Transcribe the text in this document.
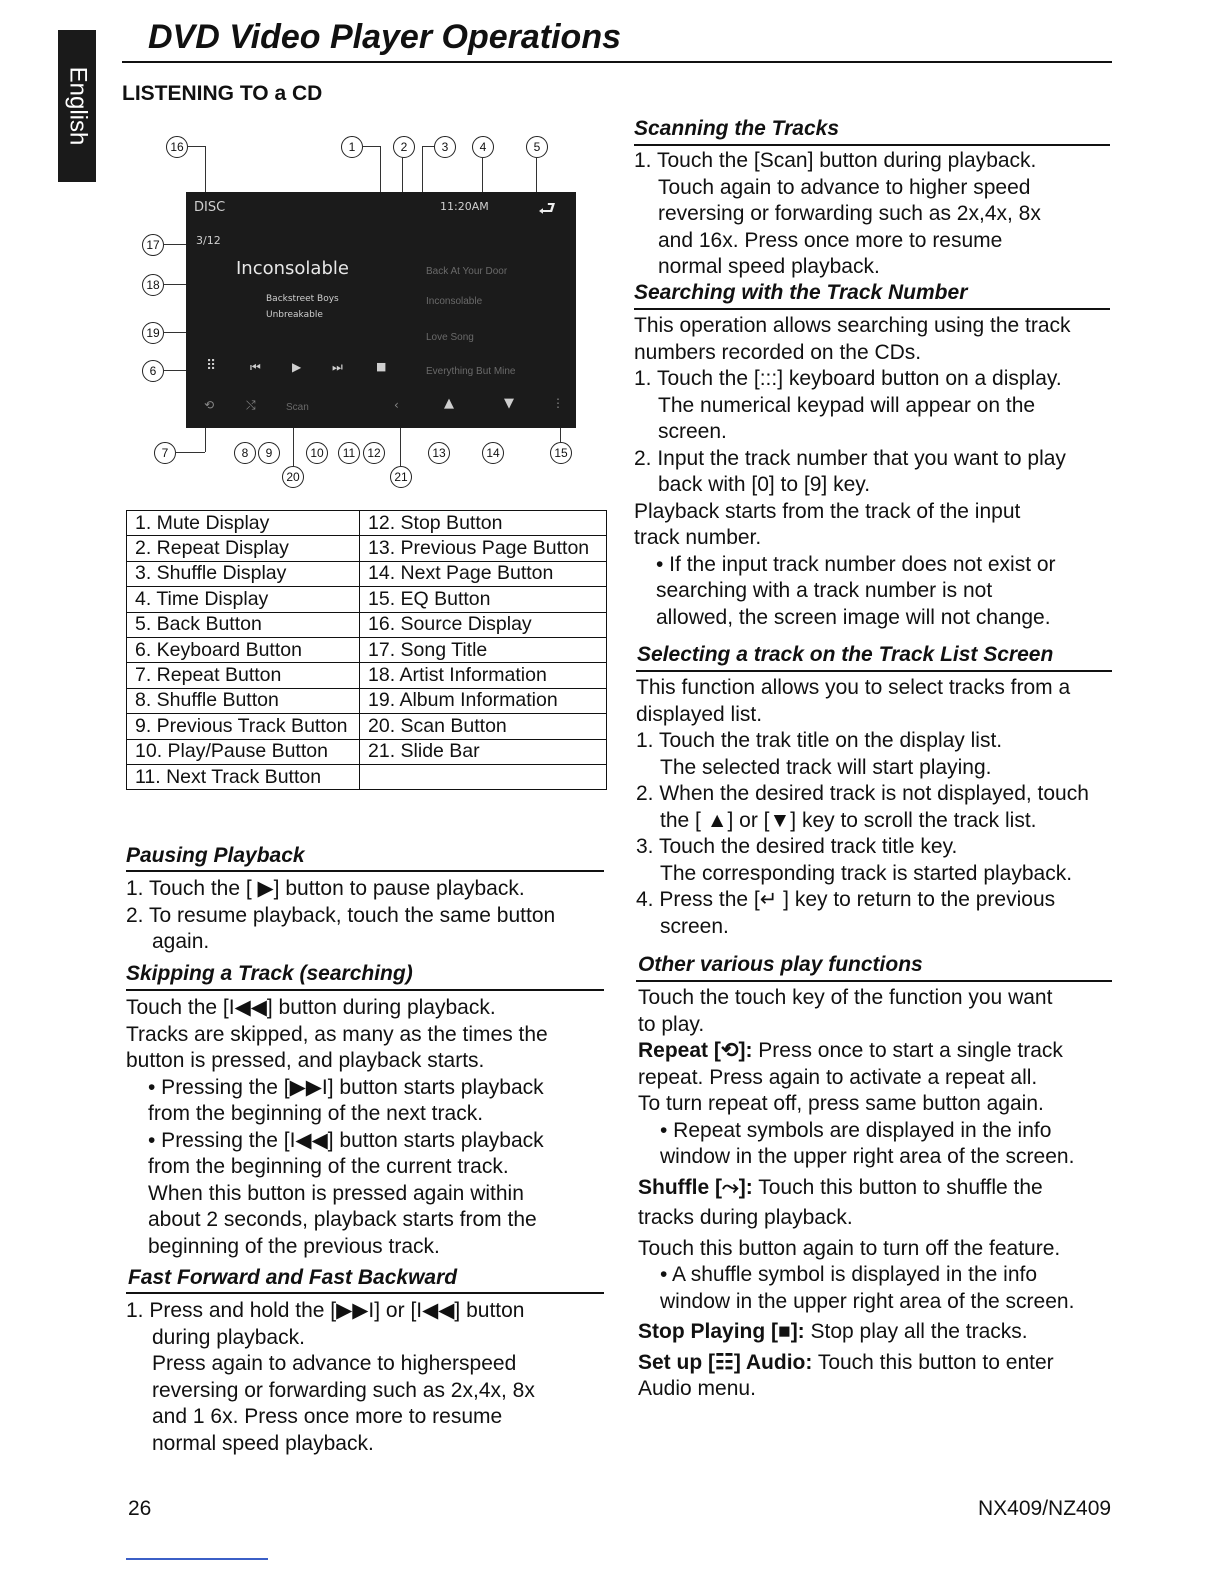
English
DVD Video Player Operations
LISTENING TO a CD
DISC	11:20AM ⮐
3/12
Inconsolable
Backstreet Boys
Unbreakable
Back At Your Door
Inconsolable
Love Song
Everything But Mine
⠿	⏮	▶	⏭	■
⟲	⤭	Scan	‹	▲	▼	⋮
16	1	2	3	4	5
17
18
19
6
7	8	9	10	11	12	13	14	15
20	21
1. Mute Display	12. Stop Button
2. Repeat Display	13. Previous Page Button
3. Shuffle Display	14. Next Page Button
4. Time Display	15. EQ Button
5. Back Button	16. Source Display
6. Keyboard Button	17. Song Title
7. Repeat Button	18. Artist Information
8. Shuffle Button	19. Album Information
9. Previous Track Button	20. Scan Button
10. Play/Pause Button	21. Slide Bar
11. Next Track Button	
Pausing Playback
1. Touch the [ ▶] button to pause playback.
2. To resume playback, touch the same button
again.
Skipping a Track (searching)
Touch the [I◀◀] button during playback.
Tracks are skipped, as many as the times the
button is pressed, and playback starts.
• Pressing the [▶▶I] button starts playback
from the beginning of the next track.
• Pressing the [I◀◀] button starts playback
from the beginning of the current track.
When this button is pressed again within
about 2 seconds, playback starts from the
beginning of the previous track.
Fast Forward and Fast Backward
1. Press and hold the [▶▶I] or [I◀◀] button
during playback.
Press again to advance to higherspeed
reversing or forwarding such as 2x,4x, 8x
and 1 6x. Press once more to resume
normal speed playback.
Scanning the Tracks
1. Touch the [Scan] button during playback.
Touch again to advance to higher speed
reversing or forwarding such as 2x,4x, 8x
and 16x. Press once more to resume
normal speed playback.
Searching with the Track Number
This operation allows searching using the track
numbers recorded on the CDs.
1. Touch the [:::] keyboard button on a display.
The numerical keypad will appear on the
screen.
2. Input the track number that you want to play
back with [0] to [9] key.
Playback starts from the track of the input
track number.
• If the input track number does not exist or
searching with a track number is not
allowed, the screen image will not change.
Selecting a track on the Track List Screen
This function allows you to select tracks from a
displayed list.
1. Touch the trak title on the display list.
The selected track will start playing.
2. When the desired track is not displayed, touch
the [ ▲] or [▼] key to scroll the track list.
3. Touch the desired track title key.
The corresponding track is started playback.
4. Press the [↵ ] key to return to the previous
screen.
Other various play functions
Touch the touch key of the function you want
to play.
Repeat [⟲]: Press once to start a single track
repeat. Press again to activate a repeat all.
To turn repeat off, press same button again.
• Repeat symbols are displayed in the info
window in the upper right area of the screen.
Shuffle [⤳]: Touch this button to shuffle the
tracks during playback.
Touch this button again to turn off the feature.
• A shuffle symbol is displayed in the info
window in the upper right area of the screen.
Stop Playing [■]: Stop play all the tracks.
Set up [☷] Audio: Touch this button to enter
Audio menu.
26	NX409/NZ409
